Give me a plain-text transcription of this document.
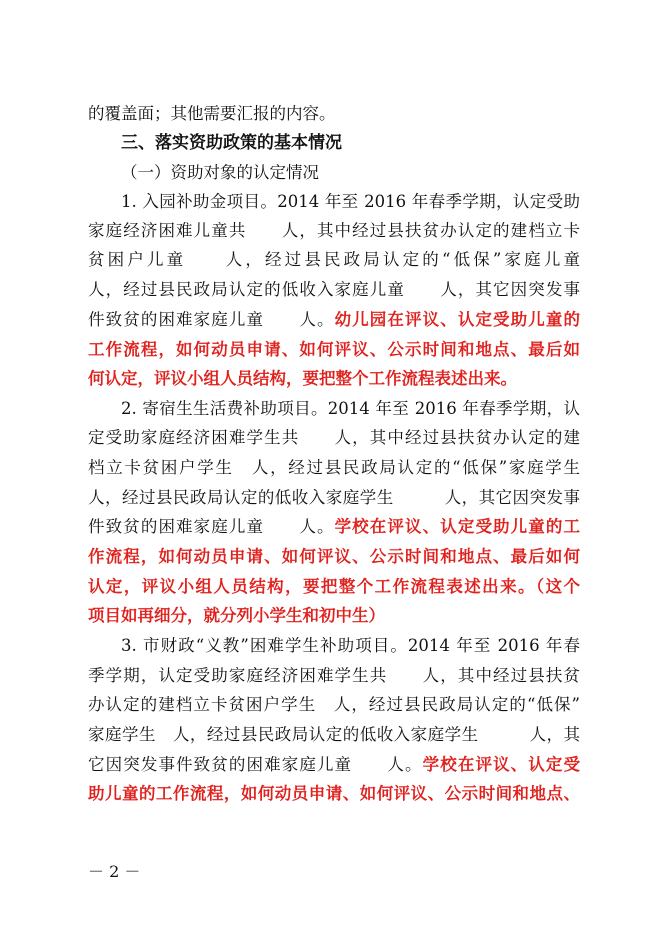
的覆盖面；其他需要汇报的内容。
三、落实资助政策的基本情况
（一）资助对象的认定情况
1. 入园补助金项目。2014 年至 2016 年春季学期，认定受助
家庭经济困难儿童共　　人，其中经过县扶贫办认定的建档立卡
贫困户儿童　　人，经过县民政局认定的“低保”家庭儿童
人，经过县民政局认定的低收入家庭儿童　　人，其它因突发事
件致贫的困难家庭儿童　　人。幼儿园在评议、认定受助儿童的
工作流程，如何动员申请、如何评议、公示时间和地点、最后如
何认定，评议小组人员结构，要把整个工作流程表述出来。
2. 寄宿生生活费补助项目。2014 年至 2016 年春季学期，认
定受助家庭经济困难学生共　　人，其中经过县扶贫办认定的建
档立卡贫困户学生　人，经过县民政局认定的“低保”家庭学生
人，经过县民政局认定的低收入家庭学生　　　人，其它因突发事
件致贫的困难家庭儿童　　人。学校在评议、认定受助儿童的工
作流程，如何动员申请、如何评议、公示时间和地点、最后如何
认定，评议小组人员结构，要把整个工作流程表述出来。（这个
项目如再细分，就分列小学生和初中生）
3. 市财政“义教”困难学生补助项目。2014 年至 2016 年春
季学期，认定受助家庭经济困难学生共　　人，其中经过县扶贫
办认定的建档立卡贫困户学生　人，经过县民政局认定的“低保”
家庭学生　人，经过县民政局认定的低收入家庭学生　　　人，其
它因突发事件致贫的困难家庭儿童　　人。学校在评议、认定受
助儿童的工作流程，如何动员申请、如何评议、公示时间和地点、
－ 2 －
